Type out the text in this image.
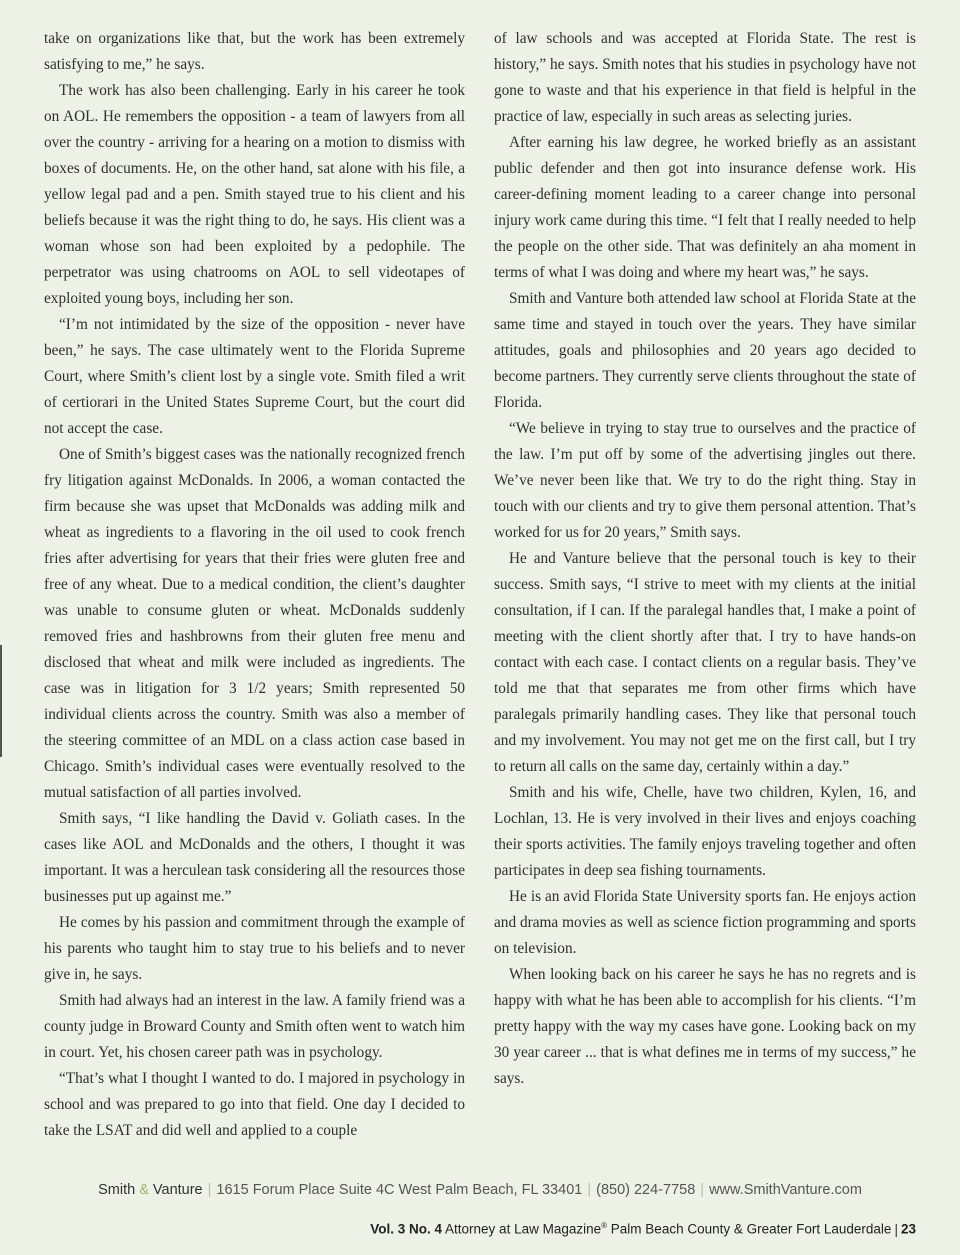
take on organizations like that, but the work has been extremely satisfying to me,” he says.

The work has also been challenging. Early in his career he took on AOL. He remembers the opposition - a team of lawyers from all over the country - arriving for a hearing on a motion to dismiss with boxes of documents. He, on the other hand, sat alone with his file, a yellow legal pad and a pen. Smith stayed true to his client and his beliefs because it was the right thing to do, he says. His client was a woman whose son had been exploited by a pedophile. The perpetrator was using chatrooms on AOL to sell videotapes of exploited young boys, including her son.

“I’m not intimidated by the size of the opposition - never have been,” he says. The case ultimately went to the Florida Supreme Court, where Smith’s client lost by a single vote. Smith filed a writ of certiorari in the United States Supreme Court, but the court did not accept the case.

One of Smith’s biggest cases was the nationally recognized french fry litigation against McDonalds. In 2006, a woman contacted the firm because she was upset that McDonalds was adding milk and wheat as ingredients to a flavoring in the oil used to cook french fries after advertising for years that their fries were gluten free and free of any wheat. Due to a medical condition, the client’s daughter was unable to consume gluten or wheat. McDonalds suddenly removed fries and hashbrowns from their gluten free menu and disclosed that wheat and milk were included as ingredients. The case was in litigation for 3 1/2 years; Smith represented 50 individual clients across the country. Smith was also a member of the steering committee of an MDL on a class action case based in Chicago. Smith’s individual cases were eventually resolved to the mutual satisfaction of all parties involved.

Smith says, “I like handling the David v. Goliath cases. In the cases like AOL and McDonalds and the others, I thought it was important. It was a herculean task considering all the resources those businesses put up against me.”

He comes by his passion and commitment through the example of his parents who taught him to stay true to his beliefs and to never give in, he says.

Smith had always had an interest in the law. A family friend was a county judge in Broward County and Smith often went to watch him in court. Yet, his chosen career path was in psychology.

“That’s what I thought I wanted to do. I majored in psychology in school and was prepared to go into that field. One day I decided to take the LSAT and did well and applied to a couple

of law schools and was accepted at Florida State. The rest is history,” he says. Smith notes that his studies in psychology have not gone to waste and that his experience in that field is helpful in the practice of law, especially in such areas as selecting juries.

After earning his law degree, he worked briefly as an assistant public defender and then got into insurance defense work. His career-defining moment leading to a career change into personal injury work came during this time. “I felt that I really needed to help the people on the other side. That was definitely an aha moment in terms of what I was doing and where my heart was,” he says.

Smith and Vanture both attended law school at Florida State at the same time and stayed in touch over the years. They have similar attitudes, goals and philosophies and 20 years ago decided to become partners. They currently serve clients throughout the state of Florida.

“We believe in trying to stay true to ourselves and the practice of the law. I’m put off by some of the advertising jingles out there. We’ve never been like that. We try to do the right thing. Stay in touch with our clients and try to give them personal attention. That’s worked for us for 20 years,” Smith says.

He and Vanture believe that the personal touch is key to their success. Smith says, “I strive to meet with my clients at the initial consultation, if I can. If the paralegal handles that, I make a point of meeting with the client shortly after that. I try to have hands-on contact with each case. I contact clients on a regular basis. They’ve told me that that separates me from other firms which have paralegals primarily handling cases. They like that personal touch and my involvement. You may not get me on the first call, but I try to return all calls on the same day, certainly within a day.”

Smith and his wife, Chelle, have two children, Kylen, 16, and Lochlan, 13. He is very involved in their lives and enjoys coaching their sports activities. The family enjoys traveling together and often participates in deep sea fishing tournaments.

He is an avid Florida State University sports fan. He enjoys action and drama movies as well as science fiction programming and sports on television.

When looking back on his career he says he has no regrets and is happy with what he has been able to accomplish for his clients. “I’m pretty happy with the way my cases have gone. Looking back on my 30 year career ... that is what defines me in terms of my success,” he says.

Smith & Vanture | 1615 Forum Place Suite 4C West Palm Beach, FL 33401 | (850) 224-7758 | www.SmithVanture.com
Vol. 3 No. 4 Attorney at Law Magazine® Palm Beach County & Greater Fort Lauderdale | 23
